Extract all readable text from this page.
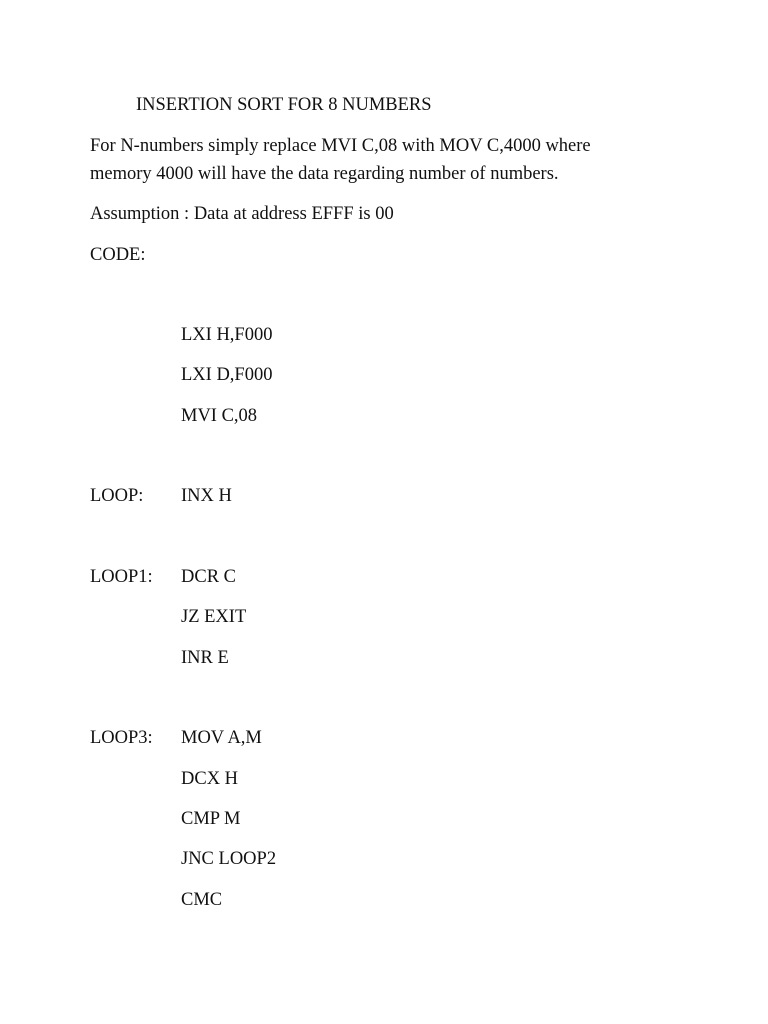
INSERTION SORT FOR 8 NUMBERS
For N-numbers simply replace MVI C,08 with MOV C,4000 where
memory 4000 will have the data regarding number of numbers.
Assumption : Data at address EFFF is 00
CODE:
LXI H,F000
LXI D,F000
MVI C,08
LOOP: INX H
LOOP1: DCR C
JZ EXIT
INR E
LOOP3: MOV A,M
DCX H
CMP M
JNC LOOP2
CMC
